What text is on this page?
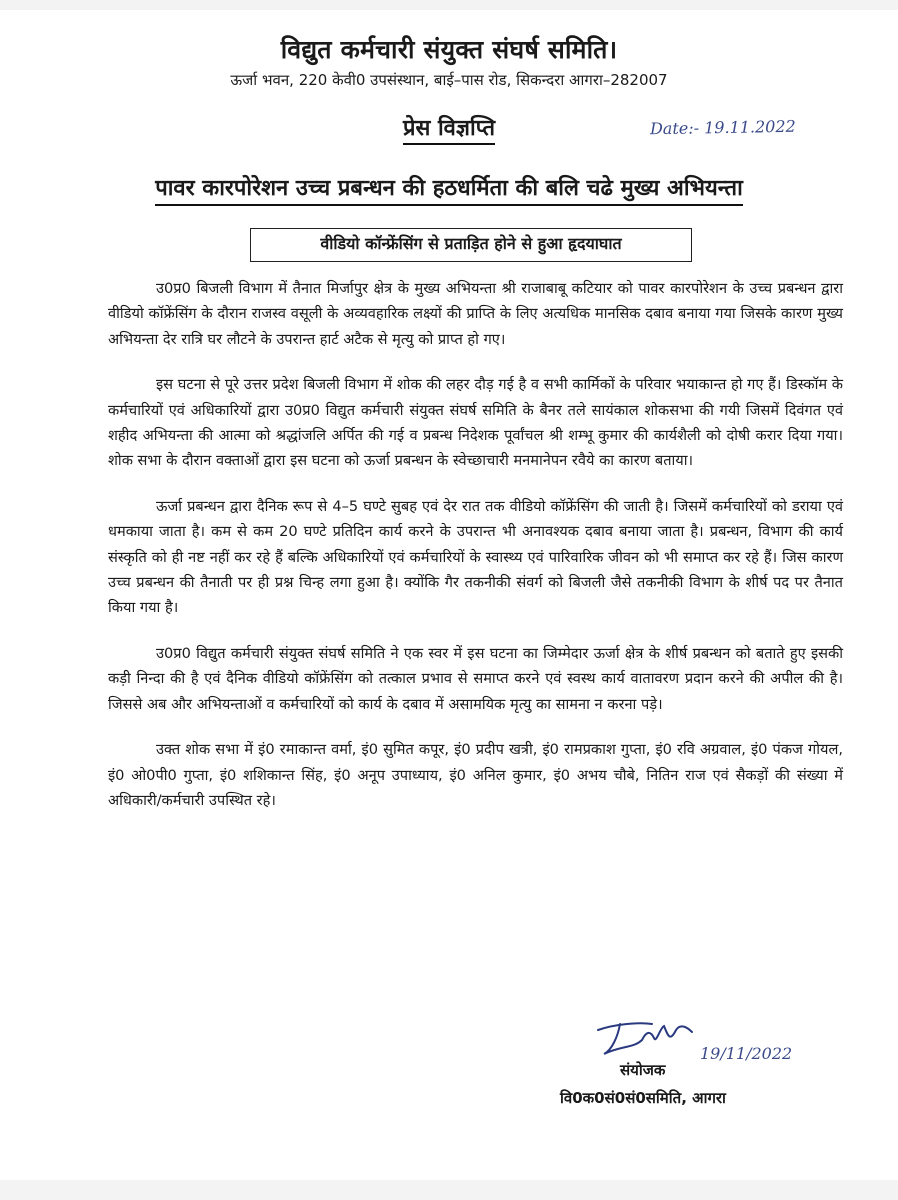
विद्युत कर्मचारी संयुक्त संघर्ष समिति।
ऊर्जा भवन, 220 केवी0 उपसंस्थान, बाई–पास रोड, सिकन्दरा आगरा–282007
प्रेस विज्ञप्ति	Date:- 19.11.2022
पावर कारपोरेशन उच्च प्रबन्धन की हठधर्मिता की बलि चढे मुख्य अभियन्ता
वीडियो कॉन्फ्रेंसिंग से प्रताड़ित होने से हुआ हृदयाघात

उ0प्र0 बिजली विभाग में तैनात मिर्जापुर क्षेत्र के मुख्य अभियन्ता श्री राजाबाबू कटियार को पावर कारपोरेशन के उच्च प्रबन्धन द्वारा वीडियो कॉफ्रेंसिंग के दौरान राजस्व वसूली के अव्यवहारिक लक्ष्यों की प्राप्ति के लिए अत्यधिक मानसिक दबाव बनाया गया जिसके कारण मुख्य अभियन्ता देर रात्रि घर लौटने के उपरान्त हार्ट अटैक से मृत्यु को प्राप्त हो गए।

इस घटना से पूरे उत्तर प्रदेश बिजली विभाग में शोक की लहर दौड़ गई है व सभी कार्मिकों के परिवार भयाकान्त हो गए हैं। डिस्कॉम के कर्मचारियों एवं अधिकारियों द्वारा उ0प्र0 विद्युत कर्मचारी संयुक्त संघर्ष समिति के बैनर तले सायंकाल शोकसभा की गयी जिसमें दिवंगत एवं शहीद अभियन्ता की आत्मा को श्रद्धांजलि अर्पित की गई व प्रबन्ध निदेशक पूर्वांचल श्री शम्भू कुमार की कार्यशैली को दोषी करार दिया गया। शोक सभा के दौरान वक्ताओं द्वारा इस घटना को ऊर्जा प्रबन्धन के स्वेच्छाचारी मनमानेपन रवैये का कारण बताया।

ऊर्जा प्रबन्धन द्वारा दैनिक रूप से 4–5 घण्टे सुबह एवं देर रात तक वीडियो कॉफ्रेंसिंग की जाती है। जिसमें कर्मचारियों को डराया एवं धमकाया जाता है। कम से कम 20 घण्टे प्रतिदिन कार्य करने के उपरान्त भी अनावश्यक दबाव बनाया जाता है। प्रबन्धन, विभाग की कार्य संस्कृति को ही नष्ट नहीं कर रहे हैं बल्कि अधिकारियों एवं कर्मचारियों के स्वास्थ्य एवं पारिवारिक जीवन को भी समाप्त कर रहे हैं। जिस कारण उच्च प्रबन्धन की तैनाती पर ही प्रश्न चिन्ह लगा हुआ है। क्योंकि गैर तकनीकी संवर्ग को बिजली जैसे तकनीकी विभाग के शीर्ष पद पर तैनात किया गया है।

उ0प्र0 विद्युत कर्मचारी संयुक्त संघर्ष समिति ने एक स्वर में इस घटना का जिम्मेदार ऊर्जा क्षेत्र के शीर्ष प्रबन्धन को बताते हुए इसकी कड़ी निन्दा की है एवं दैनिक वीडियो कॉफ्रेंसिंग को तत्काल प्रभाव से समाप्त करने एवं स्वस्थ कार्य वातावरण प्रदान करने की अपील की है। जिससे अब और अभियन्ताओं व कर्मचारियों को कार्य के दबाव में असामयिक मृत्यु का सामना न करना पड़े।

उक्त शोक सभा में इं0 रमाकान्त वर्मा, इं0 सुमित कपूर, इं0 प्रदीप खत्री, इं0 रामप्रकाश गुप्ता, इं0 रवि अग्रवाल, इं0 पंकज गोयल, इं0 ओ0पी0 गुप्ता, इं0 शशिकान्त सिंह, इं0 अनूप उपाध्याय, इं0 अनिल कुमार, इं0 अभय चौबे, नितिन राज एवं सैकड़ों की संख्या में अधिकारी/कर्मचारी उपस्थित रहे।

संयोजक
19/11/2022
वि0क0सं0सं0समिति, आगरा
